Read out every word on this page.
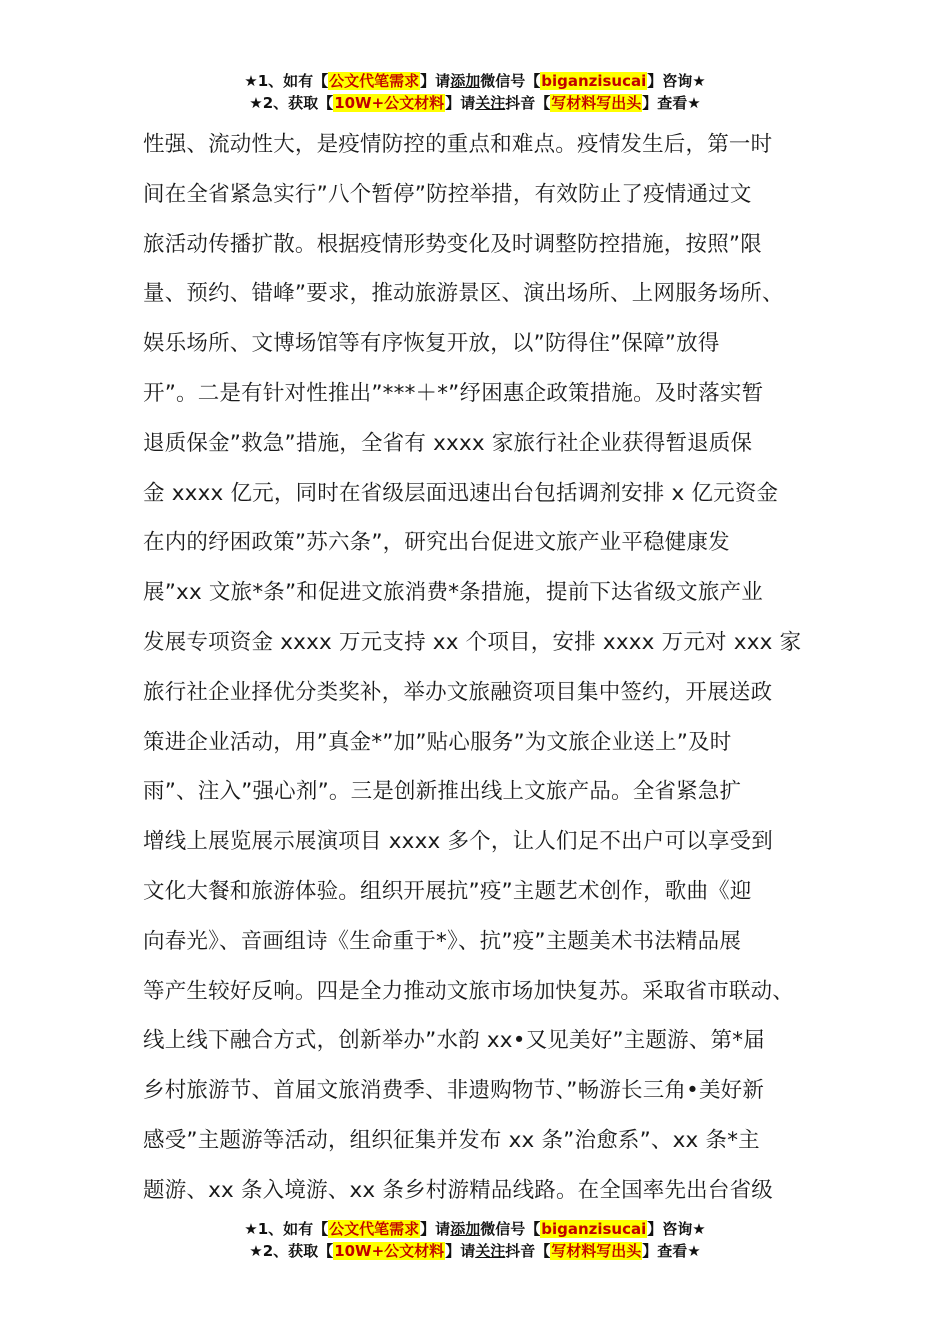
★1、如有【公文代笔需求】请添加微信号【biganzisucai】咨询★
★2、获取【10W+公文材料】请关注抖音【写材料写出头】查看★
性强、流动性大，是疫情防控的重点和难点。疫情发生后，第一时
间在全省紧急实行”八个暂停”防控举措，有效防止了疫情通过文
旅活动传播扩散。根据疫情形势变化及时调整防控措施，按照”限
量、预约、错峰”要求，推动旅游景区、演出场所、上网服务场所、
娱乐场所、文博场馆等有序恢复开放，以”防得住”保障”放得
开”。二是有针对性推出”***＋*”纾困惠企政策措施。及时落实暂
退质保金”救急”措施，全省有 xxxx 家旅行社企业获得暂退质保
金 xxxx 亿元，同时在省级层面迅速出台包括调剂安排 x 亿元资金
在内的纾困政策”苏六条”，研究出台促进文旅产业平稳健康发
展”xx 文旅*条”和促进文旅消费*条措施，提前下达省级文旅产业
发展专项资金 xxxx 万元支持 xx 个项目，安排 xxxx 万元对 xxx 家
旅行社企业择优分类奖补，举办文旅融资项目集中签约，开展送政
策进企业活动，用”真金*”加”贴心服务”为文旅企业送上”及时
雨”、注入”强心剂”。三是创新推出线上文旅产品。全省紧急扩
增线上展览展示展演项目 xxxx 多个，让人们足不出户可以享受到
文化大餐和旅游体验。组织开展抗”疫”主题艺术创作，歌曲《迎
向春光》、音画组诗《生命重于*》、抗”疫”主题美术书法精品展
等产生较好反响。四是全力推动文旅市场加快复苏。采取省市联动、
线上线下融合方式，创新举办”水韵 xx•又见美好”主题游、第*届
乡村旅游节、首届文旅消费季、非遗购物节、”畅游长三角•美好新
感受”主题游等活动，组织征集并发布 xx 条”治愈系”、xx 条*主
题游、xx 条入境游、xx 条乡村游精品线路。在全国率先出台省级
★1、如有【公文代笔需求】请添加微信号【biganzisucai】咨询★
★2、获取【10W+公文材料】请关注抖音【写材料写出头】查看★
